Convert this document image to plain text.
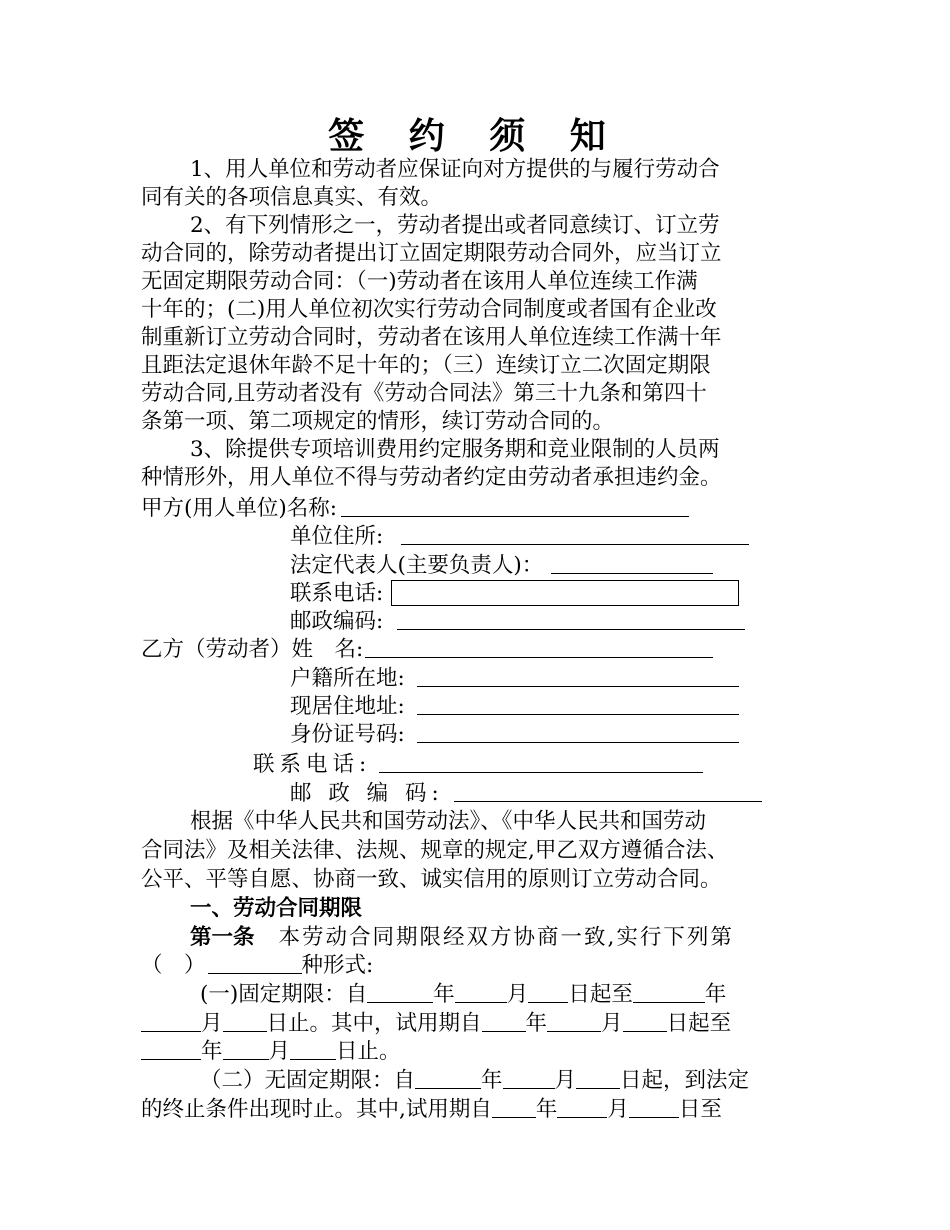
签 约 须 知
1、用人单位和劳动者应保证向对方提供的与履行劳动合
同有关的各项信息真实、有效。
2、有下列情形之一，劳动者提出或者同意续订、订立劳
动合同的，除劳动者提出订立固定期限劳动合同外，应当订立
无固定期限劳动合同：（一)劳动者在该用人单位连续工作满
十年的；(二)用人单位初次实行劳动合同制度或者国有企业改
制重新订立劳动合同时，劳动者在该用人单位连续工作满十年
且距法定退休年龄不足十年的；（三）连续订立二次固定期限
劳动合同,且劳动者没有《劳动合同法》第三十九条和第四十
条第一项、第二项规定的情形，续订劳动合同的。
3、除提供专项培训费用约定服务期和竞业限制的人员两
种情形外，用人单位不得与劳动者约定由劳动者承担违约金。
甲方(用人单位)名称:
单位住所:
法定代表人(主要负责人)：
联系电话:
邮政编码:
乙方（劳动者）姓　名:
户籍所在地:
现居住地址:
身份证号码:
联系电话:
邮 政 编 码:
根据《中华人民共和国劳动法》、《中华人民共和国劳动
合同法》及相关法律、法规、规章的规定,甲乙双方遵循合法、
公平、平等自愿、协商一致、诚实信用的原则订立劳动合同。
一、劳动合同期限
第一条 本劳动合同期限经双方协商一致,实行下列第
（　）	种形式:
(一)固定期限：自	年 月 日起至	年
月 日止。其中，试用期自 年	月 日起至
年 月 日止。
（二）无固定期限：自	年 月 日起，到法定
的终止条件出现时止。其中,试用期自 年 月 日至
